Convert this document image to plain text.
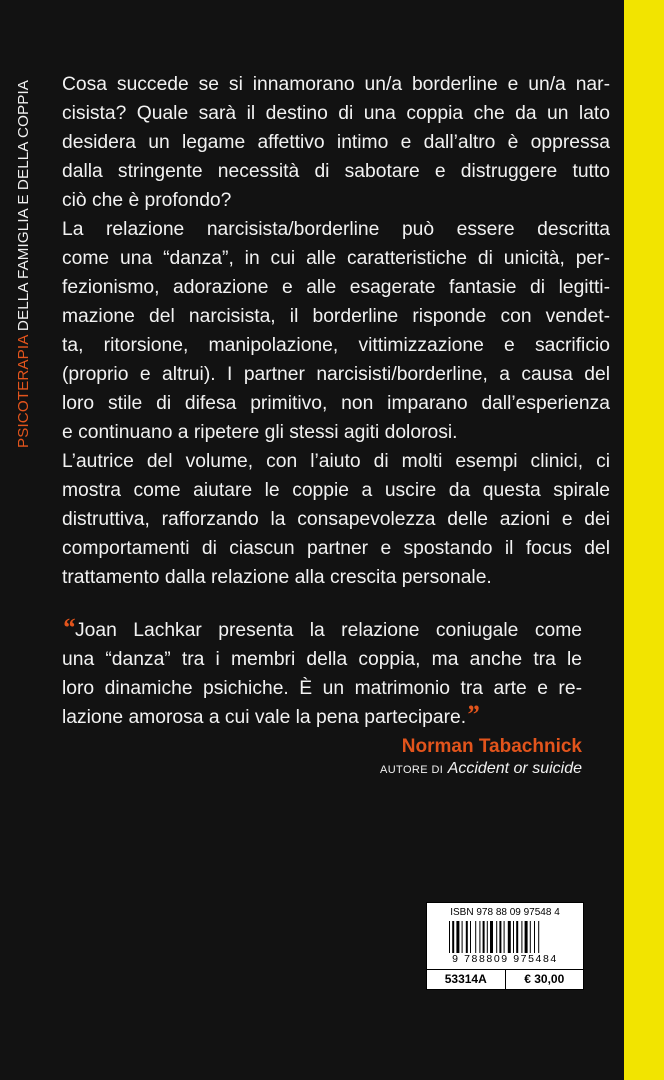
PSICOTERAPIA DELLA FAMIGLIA E DELLA COPPIA Cosa succede se si innamorano un/a borderline e un/a nar-
cisista? Quale sarà il destino di una coppia che da un lato
desidera un legame affettivo intimo e dall’altro è oppressa
dalla stringente necessità di sabotare e distruggere tutto
ciò che è profondo?

La relazione narcisista/borderline può essere descritta
come una “danza”, in cui alle caratteristiche di unicità, per-
fezionismo, adorazione e alle esagerate fantasie di legitti-
mazione del narcisista, il borderline risponde con vendet-
ta, ritorsione, manipolazione, vittimizzazione e sacrificio
(proprio e altrui). I partner narcisisti/borderline, a causa del
loro stile di difesa primitivo, non imparano dall’esperienza
e continuano a ripetere gli stessi agiti dolorosi.

L’autrice del volume, con l’aiuto di molti esempi clinici, ci
mostra come aiutare le coppie a uscire da questa spirale
distruttiva, rafforzando la consapevolezza delle azioni e dei
comportamenti di ciascun partner e spostando il focus del
trattamento dalla relazione alla crescita personale.

“Joan Lachkar presenta la relazione coniugale come
una “danza” tra i membri della coppia, ma anche tra le
loro dinamiche psichiche. È un matrimonio tra arte e re-
lazione amorosa a cui vale la pena partecipare.”
Norman Tabachnick
AUTORE DI Accident or suicide
ISBN 978 88 09 97548 4
9 788809 975484
53314A	€ 30,00
